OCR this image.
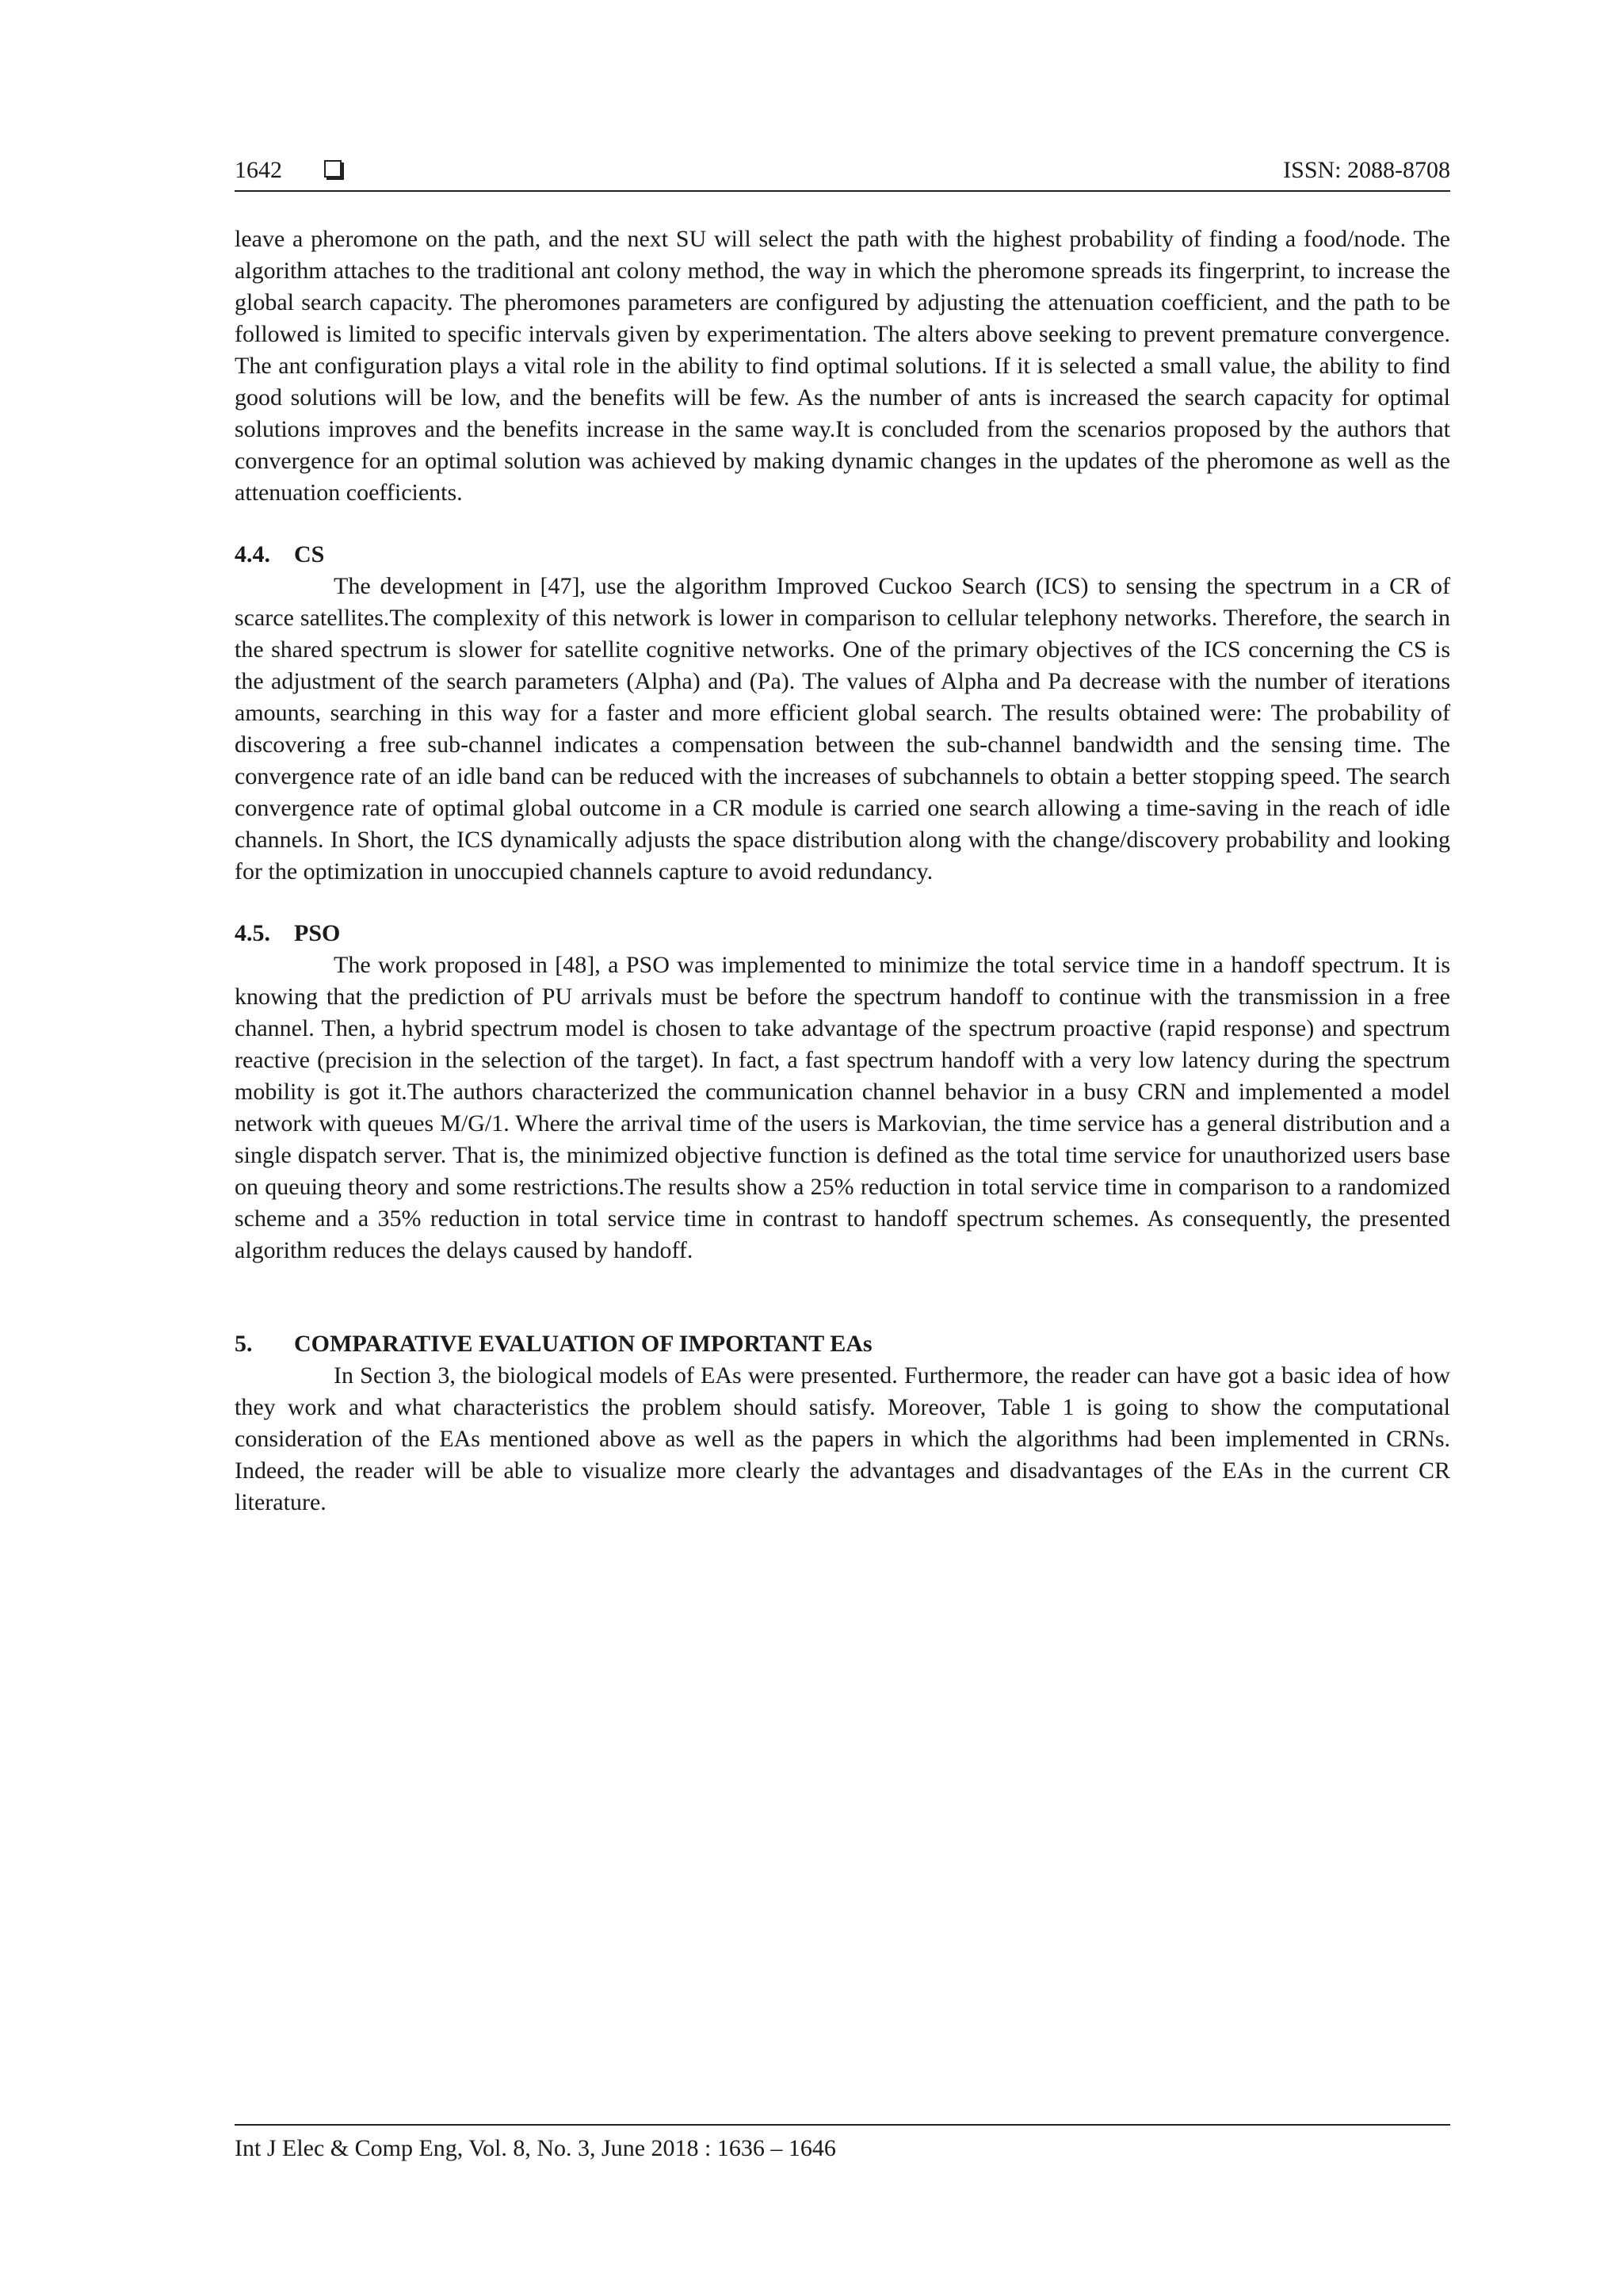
1642	ISSN: 2088-8708

leave a pheromone on the path, and the next SU will select the path with the highest probability of finding a food/node. The algorithm attaches to the traditional ant colony method, the way in which the pheromone spreads its fingerprint, to increase the global search capacity. The pheromones parameters are configured by adjusting the attenuation coefficient, and the path to be followed is limited to specific intervals given by experimentation. The alters above seeking to prevent premature convergence. The ant configuration plays a vital role in the ability to find optimal solutions. If it is selected a small value, the ability to find good solutions will be low, and the benefits will be few. As the number of ants is increased the search capacity for optimal solutions improves and the benefits increase in the same way.It is concluded from the scenarios proposed by the authors that convergence for an optimal solution was achieved by making dynamic changes in the updates of the pheromone as well as the attenuation coefficients.

4.4. CS

The development in [47], use the algorithm Improved Cuckoo Search (ICS) to sensing the spectrum in a CR of scarce satellites.The complexity of this network is lower in comparison to cellular telephony networks. Therefore, the search in the shared spectrum is slower for satellite cognitive networks. One of the primary objectives of the ICS concerning the CS is the adjustment of the search parameters (Alpha) and (Pa). The values of Alpha and Pa decrease with the number of iterations amounts, searching in this way for a faster and more efficient global search. The results obtained were: The probability of discovering a free sub-channel indicates a compensation between the sub-channel bandwidth and the sensing time. The convergence rate of an idle band can be reduced with the increases of subchannels to obtain a better stopping speed. The search convergence rate of optimal global outcome in a CR module is carried one search allowing a time-saving in the reach of idle channels. In Short, the ICS dynamically adjusts the space distribution along with the change/discovery probability and looking for the optimization in unoccupied channels capture to avoid redundancy.

4.5. PSO

The work proposed in [48], a PSO was implemented to minimize the total service time in a handoff spectrum. It is knowing that the prediction of PU arrivals must be before the spectrum handoff to continue with the transmission in a free channel. Then, a hybrid spectrum model is chosen to take advantage of the spectrum proactive (rapid response) and spectrum reactive (precision in the selection of the target). In fact, a fast spectrum handoff with a very low latency during the spectrum mobility is got it.The authors characterized the communication channel behavior in a busy CRN and implemented a model network with queues M/G/1. Where the arrival time of the users is Markovian, the time service has a general distribution and a single dispatch server. That is, the minimized objective function is defined as the total time service for unauthorized users base on queuing theory and some restrictions.The results show a 25% reduction in total service time in comparison to a randomized scheme and a 35% reduction in total service time in contrast to handoff spectrum schemes. As consequently, the presented algorithm reduces the delays caused by handoff.

5. COMPARATIVE EVALUATION OF IMPORTANT EAs

In Section 3, the biological models of EAs were presented. Furthermore, the reader can have got a basic idea of how they work and what characteristics the problem should satisfy. Moreover, Table 1 is going to show the computational consideration of the EAs mentioned above as well as the papers in which the algorithms had been implemented in CRNs. Indeed, the reader will be able to visualize more clearly the advantages and disadvantages of the EAs in the current CR literature.

Int J Elec & Comp Eng, Vol. 8, No. 3, June 2018 : 1636 – 1646
